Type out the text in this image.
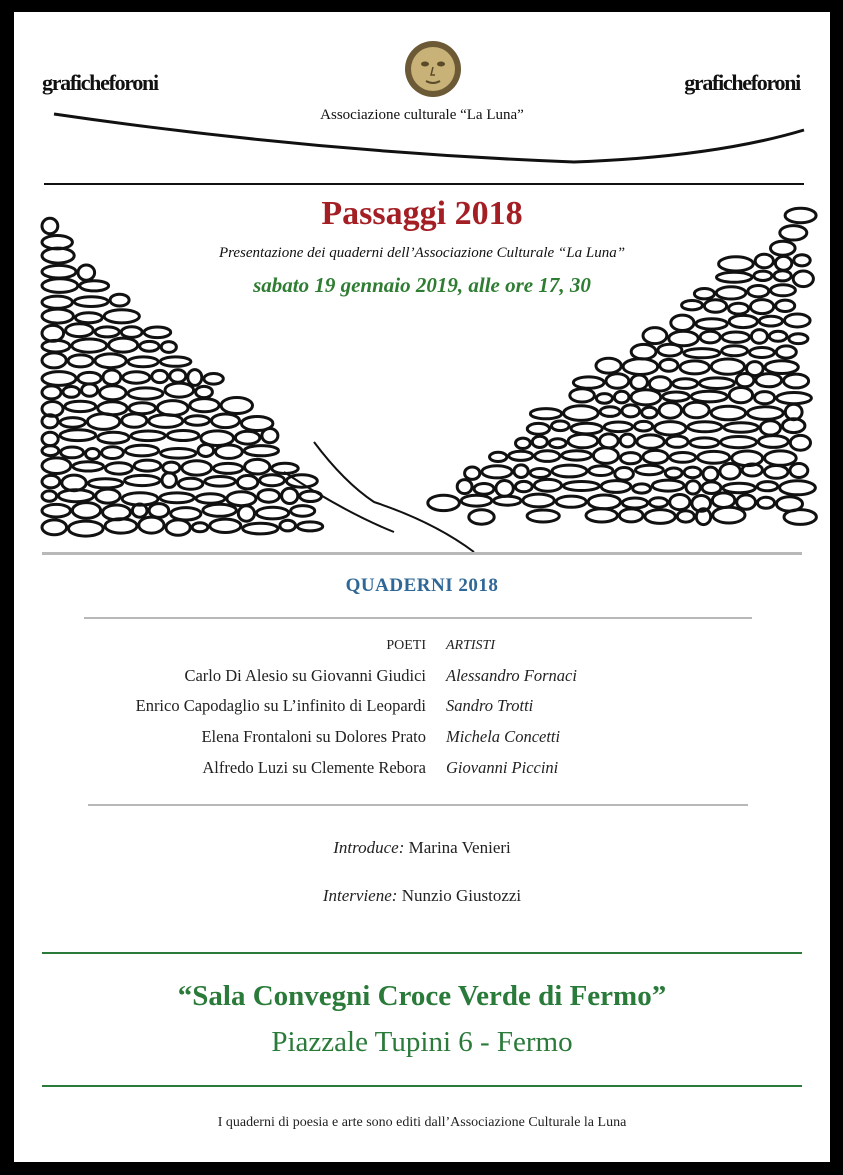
graficheforoni	graficheforoni
Associazione culturale “La Luna”
Passaggi 2018
Presentazione dei quaderni dell’Associazione Culturale “La Luna”
sabato 19 gennaio 2019, alle ore 17, 30
QUADERNI 2018
POETI ARTISTI
Carlo Di Alesio su Giovanni Giudici Alessandro Fornaci
Enrico Capodaglio su L’infinito di Leopardi Sandro Trotti
Elena Frontaloni su Dolores Prato Michela Concetti
Alfredo Luzi su Clemente Rebora Giovanni Piccini
Introduce: Marina Venieri
Interviene: Nunzio Giustozzi
“Sala Convegni Croce Verde di Fermo”
Piazzale Tupini 6 - Fermo
I quaderni di poesia e arte sono editi dall’Associazione Culturale la Luna
